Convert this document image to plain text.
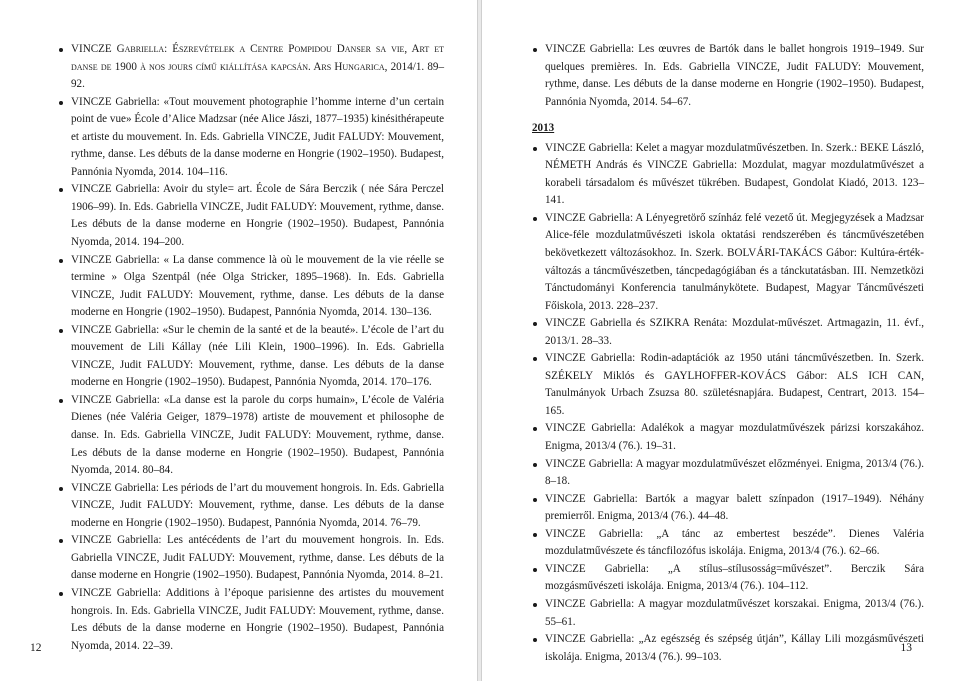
VINCZE Gabriella: Észrevételek a Centre Pompidou Danser sa vie, Art et danse de 1900 à nos jours című kiállítása kapcsán. Ars Hungarica, 2014/1. 89–92.
VINCZE Gabriella: «Tout mouvement photographie l’homme interne d’un certain point de vue» École d’Alice Madzsar (née Alice Jászi, 1877–1935) kinésithérapeute et artiste du mouvement. In. Eds. Gabriella VINCZE, Judit FALUDY: Mouvement, rythme, danse. Les débuts de la danse moderne en Hongrie (1902–1950). Budapest, Pannónia Nyomda, 2014. 104–116.
VINCZE Gabriella: Avoir du style= art. École de Sára Berczik ( née Sára Perczel 1906–99). In. Eds. Gabriella VINCZE, Judit FALUDY: Mouvement, rythme, danse. Les débuts de la danse moderne en Hongrie (1902–1950). Budapest, Pannónia Nyomda, 2014. 194–200.
VINCZE Gabriella: « La danse commence là où le mouvement de la vie réelle se termine » Olga Szentpál (née Olga Stricker, 1895–1968). In. Eds. Gabriella VINCZE, Judit FALUDY: Mouvement, rythme, danse. Les débuts de la danse moderne en Hongrie (1902–1950). Budapest, Pannónia Nyomda, 2014. 130–136.
VINCZE Gabriella: «Sur le chemin de la santé et de la beauté». L’école de l’art du mouvement de Lili Kállay (née Lili Klein, 1900–1996). In. Eds. Gabriella VINCZE, Judit FALUDY: Mouvement, rythme, danse. Les débuts de la danse moderne en Hongrie (1902–1950). Budapest, Pannónia Nyomda, 2014. 170–176.
VINCZE Gabriella: «La danse est la parole du corps humain», L’école de Valéria Dienes (née Valéria Geiger, 1879–1978) artiste de mouvement et philosophe de danse. In. Eds. Gabriella VINCZE, Judit FALUDY: Mouvement, rythme, danse. Les débuts de la danse moderne en Hongrie (1902–1950). Budapest, Pannónia Nyomda, 2014. 80–84.
VINCZE Gabriella: Les périods de l’art du mouvement hongrois. In. Eds. Gabriella VINCZE, Judit FALUDY: Mouvement, rythme, danse. Les débuts de la danse moderne en Hongrie (1902–1950). Budapest, Pannónia Nyomda, 2014. 76–79.
VINCZE Gabriella: Les antécédents de l’art du mouvement hongrois. In. Eds. Gabriella VINCZE, Judit FALUDY: Mouvement, rythme, danse. Les débuts de la danse moderne en Hongrie (1902–1950). Budapest, Pannónia Nyomda, 2014. 8–21.
VINCZE Gabriella: Additions à l’époque parisienne des artistes du mouvement hongrois. In. Eds. Gabriella VINCZE, Judit FALUDY: Mouvement, rythme, danse. Les débuts de la danse moderne en Hongrie (1902–1950). Budapest, Pannónia Nyomda, 2014. 22–39.
12
VINCZE Gabriella: Les œuvres de Bartók dans le ballet hongrois 1919–1949. Sur quelques premières. In. Eds. Gabriella VINCZE, Judit FALUDY: Mouvement, rythme, danse. Les débuts de la danse moderne en Hongrie (1902–1950). Budapest, Pannónia Nyomda, 2014. 54–67.
2013
VINCZE Gabriella: Kelet a magyar mozdulatművészetben. In. Szerk.: BEKE László, NÉMETH András és VINCZE Gabriella: Mozdulat, magyar mozdulatművészet a korabeli társadalom és művészet tükrében. Budapest, Gondolat Kiadó, 2013. 123–141.
VINCZE Gabriella: A Lényegretörő színház felé vezető út. Megjegyzések a Madzsar Alice-féle mozdulatművészeti iskola oktatási rendszerében és táncművészetében bekövetkezett változásokhoz. In. Szerk. BOLVÁRI-TAKÁCS Gábor: Kultúra-érték- változás a táncművészetben, táncpedagógiában és a tánckutatásban. III. Nemzetközi Tánctudományi Konferencia tanulmánykötete. Budapest, Magyar Táncművészeti Főiskola, 2013. 228–237.
VINCZE Gabriella és SZIKRA Renáta: Mozdulat-művészet. Artmagazin, 11. évf., 2013/1. 28–33.
VINCZE Gabriella: Rodin-adaptációk az 1950 utáni táncművészetben. In. Szerk. SZÉKELY Miklós és GAYLHOFFER-KOVÁCS Gábor: ALS ICH CAN, Tanulmányok Urbach Zsuzsa 80. születésnapjára. Budapest, Centrart, 2013. 154–165.
VINCZE Gabriella: Adalékok a magyar mozdulatművészek párizsi korszakához. Enigma, 2013/4 (76.). 19–31.
VINCZE Gabriella: A magyar mozdulatművészet előzményei. Enigma, 2013/4 (76.). 8–18.
VINCZE Gabriella: Bartók a magyar balett színpadon (1917–1949). Néhány premierről. Enigma, 2013/4 (76.). 44–48.
VINCZE Gabriella: „A tánc az embertest beszéde”. Dienes Valéria mozdulatművészete és táncfilozófus iskolája. Enigma, 2013/4 (76.). 62–66.
VINCZE Gabriella: „A stílus–stílusosság=művészet”. Berczik Sára mozgásművészeti iskolája. Enigma, 2013/4 (76.). 104–112.
VINCZE Gabriella: A magyar mozdulatművészet korszakai. Enigma, 2013/4 (76.). 55–61.
VINCZE Gabriella: „Az egészség és szépség útján”, Kállay Lili mozgásművészeti iskolája. Enigma, 2013/4 (76.). 99–103.
13
